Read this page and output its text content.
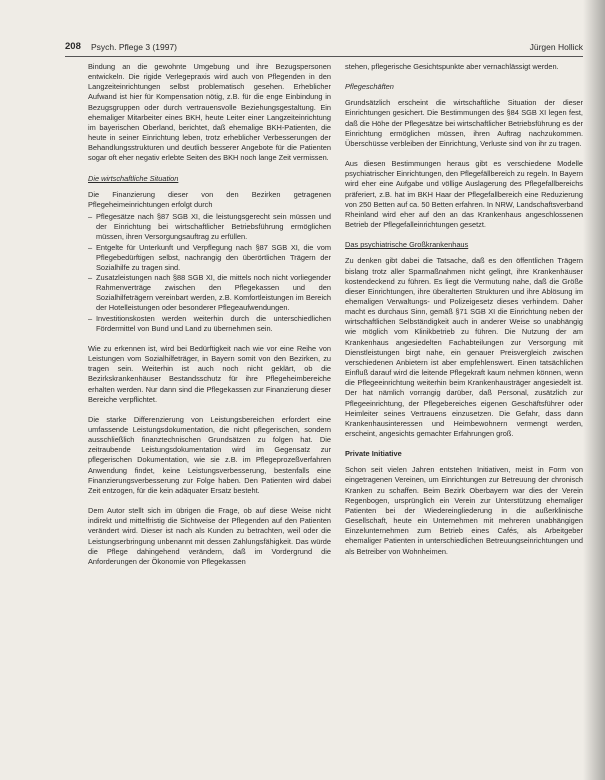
208 Psych. Pflege 3 (1997)	Jürgen Hollick

Bindung an die gewohnte Umgebung und ihre Bezugspersonen entwickeln. Die rigide Verlegepraxis wird auch von Pflegenden in den Langzeiteinrichtungen selbst problematisch gesehen. Erheblicher Aufwand ist hier für Kompensation nötig, z.B. für die enge Einbindung in Bezugsgruppen oder durch vertrauensvolle Beziehungsgestaltung. Ein ehemaliger Mitarbeiter eines BKH, heute Leiter einer Langzeiteinrichtung im bayerischen Oberland, berichtet, daß ehemalige BKH-Patienten, die heute in seiner Einrichtung leben, trotz erheblicher Verbesserungen der Behandlungsstrukturen und deutlich besserer Angebote für die Patienten sogar oft eher negativ erlebte Seiten des BKH noch lange Zeit vermissen.

Die wirtschaftliche Situation

Die Finanzierung dieser von den Bezirken getragenen Pflegeheimeinrichtungen erfolgt durch

– Pflegesätze nach §87 SGB XI, die leistungsgerecht sein müssen und der Einrichtung bei wirtschaftlicher Betriebsführung ermöglichen müssen, ihren Versorgungsauftrag zu erfüllen.
– Entgelte für Unterkunft und Verpflegung nach §87 SGB XI, die vom Pflegebedürftigen selbst, nachrangig den überörtlichen Trägern der Sozialhilfe zu tragen sind.
– Zusatzleistungen nach §88 SGB XI, die mittels noch nicht vorliegender Rahmenverträge zwischen den Pflegekassen und den Sozialhilfeträgern vereinbart werden, z.B. Komfortleistungen im Bereich der Hotelleistungen oder besonderer Pflegeaufwendungen.
– Investitionskosten werden weiterhin durch die unterschiedlichen Fördermittel von Bund und Land zu übernehmen sein.

Wie zu erkennen ist, wird bei Bedürftigkeit nach wie vor eine Reihe von Leistungen vom Sozialhilfeträger, in Bayern somit von den Bezirken, zu tragen sein. Weiterhin ist auch noch nicht geklärt, ob die Bezirkskrankenhäuser Bestandsschutz für ihre Pflegeheimbereiche erhalten werden. Nur dann sind die Pflegekassen zur Finanzierung dieser Bereiche verpflichtet.

Die starke Differenzierung von Leistungsbereichen erfordert eine umfassende Leistungsdokumentation, die nicht pflegerischen, sondern ausschließlich finanztechnischen Grundsätzen zu folgen hat. Die zeitraubende Leistungsdokumentation wird im Gegensatz zur pflegerischen Dokumentation, wie sie z.B. im Pflegeprozeßverfahren Anwendung findet, keine Leistungsverbesserung, bestenfalls eine Finanzierungsverbesserung zur Folge haben. Den Patienten wird dabei Zeit entzogen, für die kein adäquater Ersatz besteht.

Dem Autor stellt sich im übrigen die Frage, ob auf diese Weise nicht indirekt und mittelfristig die Sichtweise der Pflegenden auf den Patienten verändert wird. Dieser ist nach als Kunden zu betrachten, weil oder die Leistungserbringung unbenannt mit dessen Zahlungsfähigkeit. Das würde die Pflege dahingehend verändern, daß im Vordergrund die Anforderungen der Ökonomie von Pflegekassen

stehen, pflegerische Gesichtspunkte aber vernachlässigt werden.

Pflegeschäften

Grundsätzlich erscheint die wirtschaftliche Situation der dieser Einrichtungen gesichert. Die Bestimmungen des §84 SGB XI legen fest, daß die Höhe der Pflegesätze bei wirtschaftlicher Betriebsführung es der Einrichtung ermöglichen müssen, ihren Auftrag nachzukommen. Überschüsse verbleiben der Einrichtung, Verluste sind von ihr zu tragen.

Aus diesen Bestimmungen heraus gibt es verschiedene Modelle psychiatrischer Einrichtungen, den Pflegefällbereich zu regeln. In Bayern wird eher eine Aufgabe und völlige Auslagerung des Pflegefallbereichs präferiert, z.B. hat im BKH Haar der Pflegefallbereich eine Reduzierung von 250 Betten auf ca. 50 Betten erfahren. In NRW, Landschaftsverband Rheinland wird eher auf den an das Krankenhaus angeschlossenen Betrieb der Pflegefalleinrichtungen gesetzt.

Das psychiatrische Großkrankenhaus

Zu denken gibt dabei die Tatsache, daß es den öffentlichen Trägern bislang trotz aller Sparmaßnahmen nicht gelingt, ihre Krankenhäuser kostendeckend zu führen. Es liegt die Vermutung nahe, daß die Größe dieser Einrichtungen, ihre überalterten Strukturen und ihre Ablösung im ehemaligen Verwaltungs- und Polizeigesetz dieses verhindern. Daher macht es durchaus Sinn, gemäß §71 SGB XI die Einrichtung neben der wirtschaftlichen Selbständigkeit auch in anderer Weise so unabhängig wie möglich vom Klinikbetrieb zu führen. Die Nutzung der am Krankenhaus angesiedelten Fachabteilungen zur Versorgung mit Dienstleistungen birgt nahe, ein genauer Preisvergleich zwischen verschiedenen Anbietern ist aber empfehlenswert. Einen tatsächlichen Einfluß darauf wird die leitende Pflegekraft kaum nehmen können, wenn die Pflegeeinrichtung weiterhin beim Krankenhausträger angesiedelt ist. Der hat nämlich vorrangig darüber, daß Personal, zusätzlich zur Pflegeeinrichtung, der Pflegebereiches eigenen Geschäftsführer oder Heimleiter seines Vertrauens einzusetzen. Die Gefahr, dass dann Krankenhausinteressen und Heimbewohnern vermengt werden, erscheint, angesichts gemachter Erfahrungen groß.

Private Initiative

Schon seit vielen Jahren entstehen Initiativen, meist in Form von eingetragenen Vereinen, um Einrichtungen zur Betreuung der chronisch Kranken zu schaffen. Beim Bezirk Oberbayern war dies der Verein Regenbogen, ursprünglich ein Verein zur Unterstützung ehemaliger Patienten bei der Wiedereingliederung in die außerklinische Gesellschaft, heute ein Unternehmen mit mehreren unabhängigen Einzelunternehmen zum Betrieb eines Cafés, als Arbeitgeber ehemaliger Patienten in unterschiedlichen Betreuungseinrichtungen und als Betreiber von Wohnheimen.
